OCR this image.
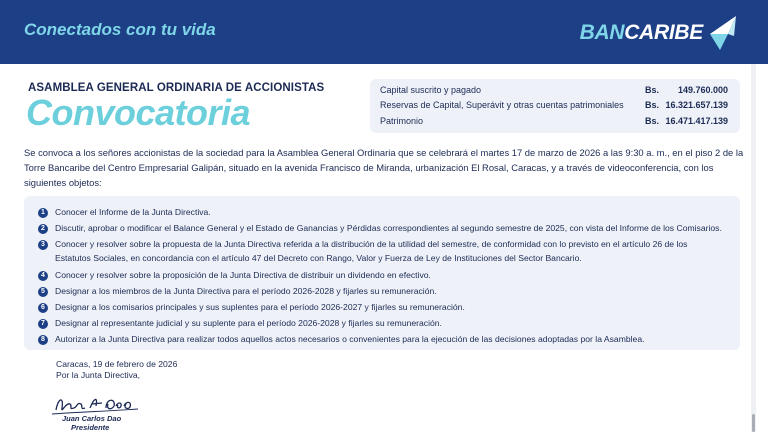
Conectados con tu vida	BANCARIBE
ASAMBLEA GENERAL ORDINARIA DE ACCIONISTAS
Convocatoria
Capital suscrito y pagado	Bs. 149.760.000
Reservas de Capital, Superávit y otras cuentas patrimoniales Bs. 16.321.657.139
Patrimonio	Bs. 16.471.417.139
Se convoca a los señores accionistas de la sociedad para la Asamblea General Ordinaria que se celebrará el martes 17 de marzo de 2026 a las 9:30 a. m., en el piso 2 de la Torre Bancaribe del Centro Empresarial Galipán, situado en la avenida Francisco de Miranda, urbanización El Rosal, Caracas, y a través de videoconferencia, con los siguientes objetos:
1	Conocer el Informe de la Junta Directiva.
2	Discutir, aprobar o modificar el Balance General y el Estado de Ganancias y Pérdidas correspondientes al segundo semestre de 2025, con vista del Informe de los Comisarios.
3	Conocer y resolver sobre la propuesta de la Junta Directiva referida a la distribución de la utilidad del semestre, de conformidad con lo previsto en el artículo 26 de los Estatutos Sociales, en concordancia con el artículo 47 del Decreto con Rango, Valor y Fuerza de Ley de Instituciones del Sector Bancario.
4	Conocer y resolver sobre la proposición de la Junta Directiva de distribuir un dividendo en efectivo.
5	Designar a los miembros de la Junta Directiva para el período 2026-2028 y fijarles su remuneración.
6	Designar a los comisarios principales y sus suplentes para el período 2026-2027 y fijarles su remuneración.
7	Designar al representante judicial y su suplente para el período 2026-2028 y fijarles su remuneración.
8	Autorizar a la Junta Directiva para realizar todos aquellos actos necesarios o convenientes para la ejecución de las decisiones adoptadas por la Asamblea.
Caracas, 19 de febrero de 2026
Por la Junta Directiva,
Juan Carlos Dao
Presidente
